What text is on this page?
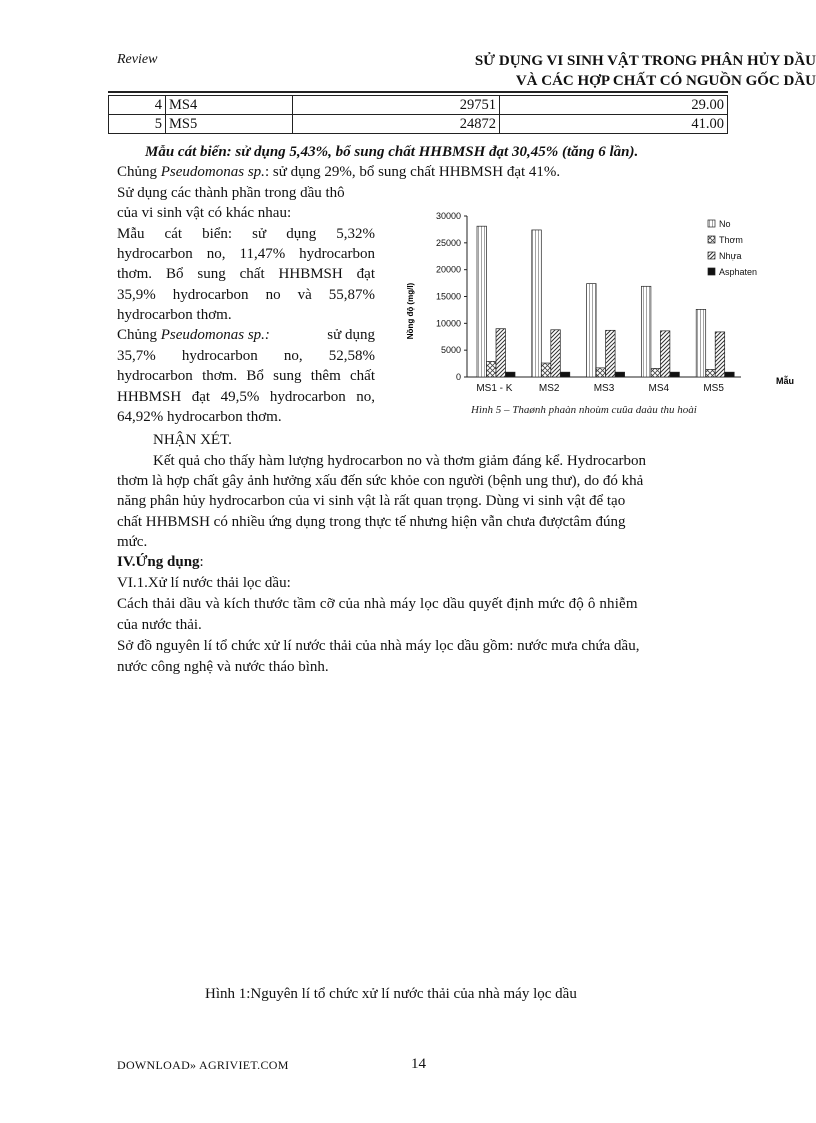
Review	SỬ DỤNG VI SINH VẬT TRONG PHÂN HỦY DẦU
VÀ CÁC HỢP CHẤT CÓ NGUỒN GỐC DẦU
4	MS4	29751	29.00
5	MS5	24872	41.00
Mẫu cát biển: sử dụng 5,43%, bổ sung chất HHBMSH đạt 30,45% (tăng 6 lần).
Chủng Pseudomonas sp.: sử dụng 29%, bổ sung chất HHBMSH đạt 41%.
Sử dụng các thành phần trong dầu thô
của vi sinh vật có khác nhau:
Mẫu cát biển: sử dụng 5,32%
hydrocarbon no, 11,47% hydrocarbon
thơm. Bổ sung chất HHBMSH đạt
35,9% hydrocarbon no và 55,87%
hydrocarbon thơm.
Chủng Pseudomonas sp.:	sử dụng
35,7% hydrocarbon no, 52,58%
hydrocarbon thơm. Bổ sung thêm chất
HHBMSH đạt 49,5% hydrocarbon no,
64,92% hydrocarbon thơm.
0
5000
10000
15000
20000
25000
30000
MS1 - K	MS2	MS3	MS4	MS5
No
Thơm
Nhựa
Asphaten
Nồng độ (mg/l)
Mẫu
Hình 5 – Thaønh phaàn nhoùm cuûa daàu thu hoài
NHẬN XÉT.
Kết quả cho thấy hàm lượng hydrocarbon no và thơm giảm đáng kể. Hydrocarbon
thơm là hợp chất gây ảnh hưởng xấu đến sức khỏe con người (bệnh ung thư), do đó khả
năng phân hủy hydrocarbon của vi sinh vật là rất quan trọng. Dùng vi sinh vật để tạo
chất HHBMSH có nhiều ứng dụng trong thực tế nhưng hiện vẫn chưa đượctâm đúng
mức.
IV.Ứng dụng:
VI.1.Xử lí nước thải lọc dầu:
Cách thải dầu và kích thước tầm cỡ của nhà máy lọc dầu quyết định mức độ ô nhiễm
của nước thải.
Sở đồ nguyên lí tổ chức xử lí nước thải của nhà máy lọc dầu gồm: nước mưa chứa dầu,
nước công nghệ và nước tháo bình.
Hình 1:Nguyên lí tổ chức xử lí nước thải của nhà máy lọc dầu
DOWNLOAD» AGRIVIET.COM	14
